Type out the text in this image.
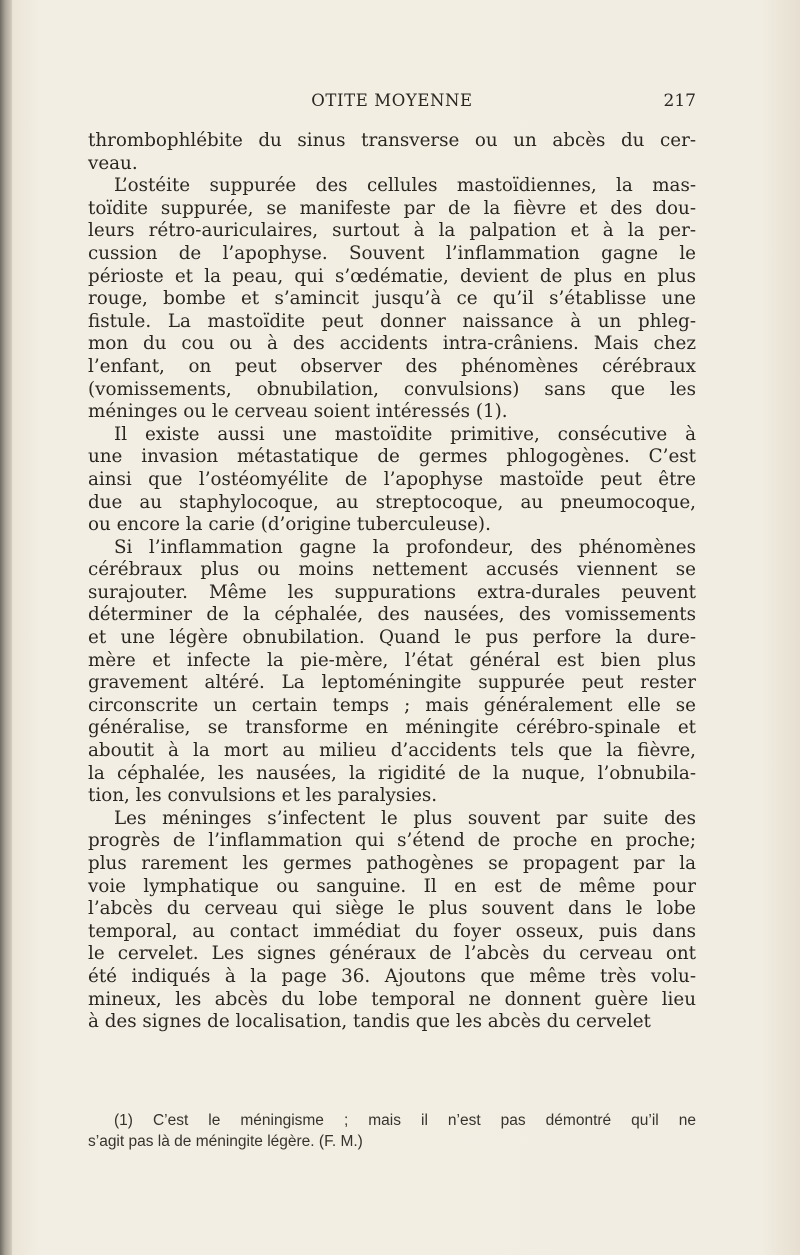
OTITE MOYENNE	217

thrombophlébite du sinus transverse ou un abcès du cer-
veau.

L’ostéite suppurée des cellules mastoïdiennes, la mas-
toïdite suppurée, se manifeste par de la fièvre et des dou-
leurs rétro-auriculaires, surtout à la palpation et à la per-
cussion de l’apophyse. Souvent l’inflammation gagne le
périoste et la peau, qui s’œdématie, devient de plus en plus
rouge, bombe et s’amincit jusqu’à ce qu’il s’établisse une
fistule. La mastoïdite peut donner naissance à un phleg-
mon du cou ou à des accidents intra-crâniens. Mais chez
l’enfant, on peut observer des phénomènes cérébraux
(vomissements, obnubilation, convulsions) sans que les
méninges ou le cerveau soient intéressés (1).

Il existe aussi une mastoïdite primitive, consécutive à
une invasion métastatique de germes phlogogènes. C’est
ainsi que l’ostéomyélite de l’apophyse mastoïde peut être
due au staphylocoque, au streptocoque, au pneumocoque,
ou encore la carie (d’origine tuberculeuse).

Si l’inflammation gagne la profondeur, des phénomènes
cérébraux plus ou moins nettement accusés viennent se
surajouter. Même les suppurations extra-durales peuvent
déterminer de la céphalée, des nausées, des vomissements
et une légère obnubilation. Quand le pus perfore la dure-
mère et infecte la pie-mère, l’état général est bien plus
gravement altéré. La leptoméningite suppurée peut rester
circonscrite un certain temps ; mais généralement elle se
généralise, se transforme en méningite cérébro-spinale et
aboutit à la mort au milieu d’accidents tels que la fièvre,
la céphalée, les nausées, la rigidité de la nuque, l’obnubila-
tion, les convulsions et les paralysies.

Les méninges s’infectent le plus souvent par suite des
progrès de l’inflammation qui s’étend de proche en proche;
plus rarement les germes pathogènes se propagent par la
voie lymphatique ou sanguine. Il en est de même pour
l’abcès du cerveau qui siège le plus souvent dans le lobe
temporal, au contact immédiat du foyer osseux, puis dans
le cervelet. Les signes généraux de l’abcès du cerveau ont
été indiqués à la page 36. Ajoutons que même très volu-
mineux, les abcès du lobe temporal ne donnent guère lieu
à des signes de localisation, tandis que les abcès du cervelet

(1) C’est le méningisme ; mais il n’est pas démontré qu’il ne
s’agit pas là de méningite légère. (F. M.)
